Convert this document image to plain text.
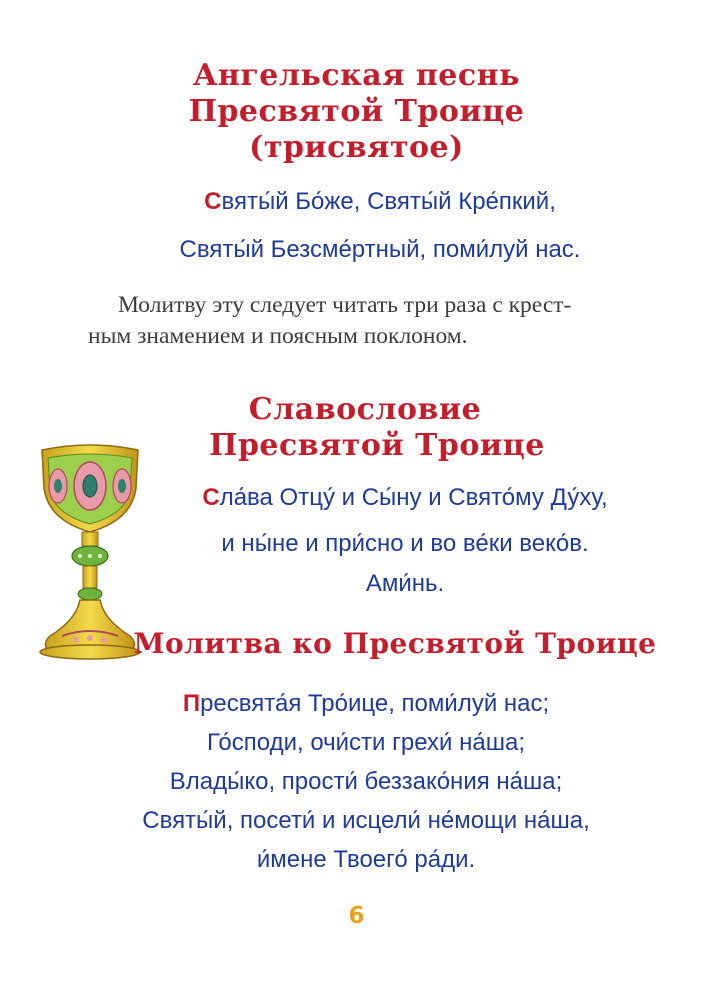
Ангельская песнь
Пресвятой Троице
(трисвятое)
Святы́й Бо́же, Святы́й Кре́пкий,
Святы́й Безсме́ртный, поми́луй нас.
Молитву эту следует читать три раза с крест-
ным знамением и поясным поклоном.
Славословие
Пресвятой Троице
Сла́ва Отцу́ и Сы́ну и Свято́му Ду́ху,
и ны́не и при́сно и во ве́ки веко́в.
Ами́нь.
Молитва ко Пресвятой Троице
Пресвята́я Тро́ице, поми́луй нас;
Го́споди, очи́сти грехи́ на́ша;
Влады́ко, прости́ беззако́ния на́ша;
Святы́й, посети́ и исцели́ не́мощи на́ша,
и́мене Твоего́ ра́ди.
6
